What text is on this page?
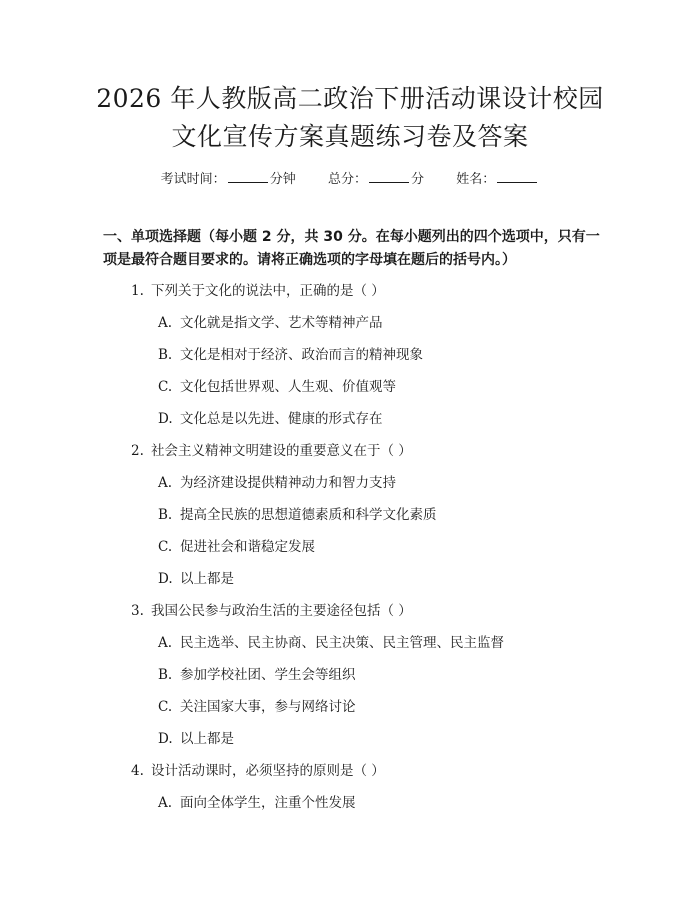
2026 年人教版高二政治下册活动课设计校园
文化宣传方案真题练习卷及答案
考试时间：	分钟 总分：	分 姓名：
一、单项选择题（每小题 2 分，共 30 分。在每小题列出的四个选项中，只有一项是最符合题目要求的。请将正确选项的字母填在题后的括号内。）
1. 下列关于文化的说法中，正确的是（ ）
A. 文化就是指文学、艺术等精神产品
B. 文化是相对于经济、政治而言的精神现象
C. 文化包括世界观、人生观、价值观等
D. 文化总是以先进、健康的形式存在
2. 社会主义精神文明建设的重要意义在于（ ）
A. 为经济建设提供精神动力和智力支持
B. 提高全民族的思想道德素质和科学文化素质
C. 促进社会和谐稳定发展
D. 以上都是
3. 我国公民参与政治生活的主要途径包括（ ）
A. 民主选举、民主协商、民主决策、民主管理、民主监督
B. 参加学校社团、学生会等组织
C. 关注国家大事，参与网络讨论
D. 以上都是
4. 设计活动课时，必须坚持的原则是（ ）
A. 面向全体学生，注重个性发展
